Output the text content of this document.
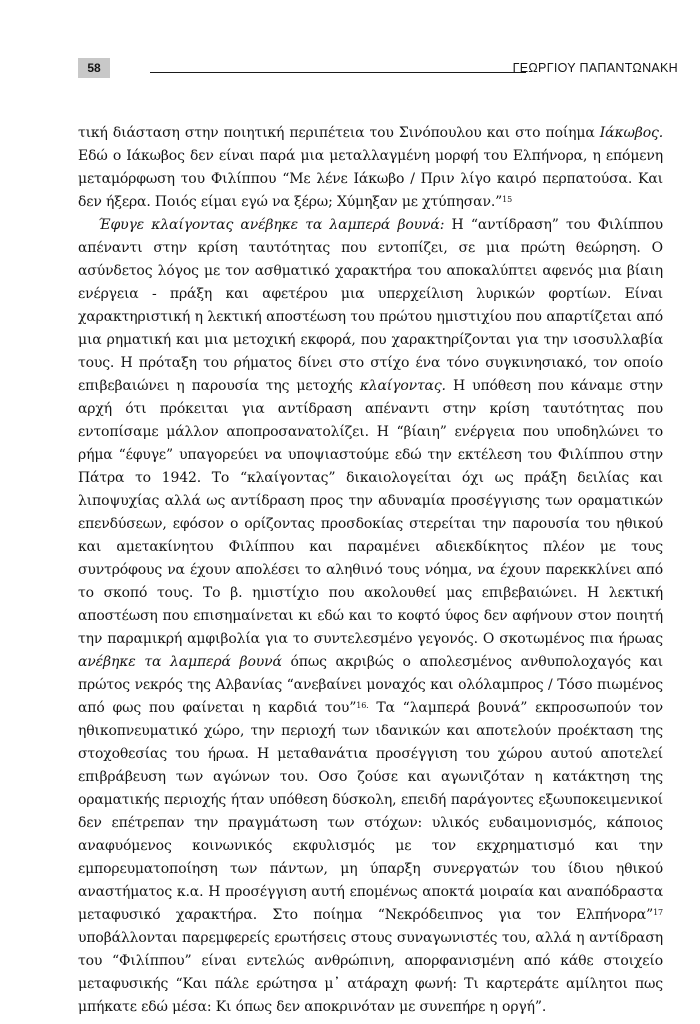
58	ΓΕΩΡΓΙΟΥ ΠΑΠΑΝΤΩΝΑΚΗ

τική διάσταση στην ποιητική περιπέτεια του Σινόπουλου και στο ποίημα Ιάκωβος. Εδώ ο Ιάκωβος δεν είναι παρά μια μεταλλαγμένη μορφή του Ελπήνορα, η επόμενη μεταμόρφωση του Φιλίππου “Με λένε Ιάκωβο / Πριν λίγο καιρό περπατούσα. Και δεν ήξερα. Ποιός είμαι εγώ να ξέρω; Χύμηξαν με χτύπησαν.”$^{15}$

Έφυγε κλαίγοντας ανέβηκε τα λαμπερά βουνά: Η “αντίδραση” του Φιλίππου απέναντι στην κρίση ταυτότητας που εντοπίζει, σε μια πρώτη θεώρηση. Ο ασύνδετος λόγος με τον ασθματικό χαρακτήρα του αποκαλύπτει αφενός μια βίαιη ενέργεια - πράξη και αφετέρου μια υπερχείλιση λυρικών φορτίων. Είναι χαρακτηριστική η λεκτική αποστέωση του πρώτου ημιστιχίου που απαρτίζεται από μια ρηματική και μια μετοχική εκφορά, που χαρακτηρίζονται για την ισοσυλλαβία τους. Η πρόταξη του ρήματος δίνει στο στίχο ένα τόνο συγκινησιακό, τον οποίο επιβεβαιώνει η παρουσία της μετοχής κλαίγοντας. Η υπόθεση που κάναμε στην αρχή ότι πρόκειται για αντίδραση απέναντι στην κρίση ταυτότητας που εντοπίσαμε μάλλον αποπροσανατολίζει. Η “βίαιη” ενέργεια που υποδηλώνει το ρήμα “έφυγε” υπαγορεύει να υποψιαστούμε εδώ την εκτέλεση του Φιλίππου στην Πάτρα το 1942. Το “κλαίγοντας” δικαιολογείται όχι ως πράξη δειλίας και λιποψυχίας αλλά ως αντίδραση προς την αδυναμία προσέγγισης των οραματικών επενδύσεων, εφόσον ο ορίζοντας προσδοκίας στερείται την παρουσία του ηθικού και αμετακίνητου Φιλίππου και παραμένει αδιεκδίκητος πλέον με τους συντρόφους να έχουν απολέσει το αληθινό τους νόημα, να έχουν παρεκκλίνει από το σκοπό τους. Το β. ημιστίχιο που ακολουθεί μας επιβεβαιώνει. Η λεκτική αποστέωση που επισημαίνεται κι εδώ και το κοφτό ύφος δεν αφήνουν στον ποιητή την παραμικρή αμφιβολία για το συντελεσμένο γεγονός. Ο σκοτωμένος πια ήρωας ανέβηκε τα λαμπερά βουνά όπως ακριβώς ο απολεσμένος ανθυπολοχαγός και πρώτος νεκρός της Αλβανίας “ανεβαίνει μοναχός και ολόλαμπρος / Τόσο πιωμένος από φως που φαίνεται η καρδιά του”$^{16.}$ Τα “λαμπερά βουνά” εκπροσωπούν τον ηθικοπνευματικό χώρο, την περιοχή των ιδανικών και αποτελούν προέκταση της στοχοθεσίας του ήρωα. Η μεταθανάτια προσέγγιση του χώρου αυτού αποτελεί επιβράβευση των αγώνων του. Οσο ζούσε και αγωνιζόταν η κατάκτηση της οραματικής περιοχής ήταν υπόθεση δύσκολη, επειδή παράγοντες εξωυποκειμενικοί δεν επέτρεπαν την πραγμάτωση των στόχων: υλικός ευδαιμονισμός, κάποιος αναφυόμενος κοινωνικός εκφυλισμός με τον εκχρηματισμό και την εμπορευματοποίηση των πάντων, μη ύπαρξη συνεργατών του ίδιου ηθικού αναστήματος κ.α. Η προσέγγιση αυτή επομένως αποκτά μοιραία και αναπόδραστα μεταφυσικό χαρακτήρα. Στο ποίημα “Νεκρόδειπνος για τον Ελπήνορα”$^{17}$ υποβάλλονται παρεμφερείς ερωτήσεις στους συναγωνιστές του, αλλά η αντίδραση του “Φιλίππου” είναι εντελώς ανθρώπινη, απορφανισμένη από κάθε στοιχείο μεταφυσικής “Και πάλε ερώτησα μ᾽ ατάραχη φωνή: Τι καρτεράτε αμίλητοι πως μπήκατε εδώ μέσα: Κι όπως δεν αποκρινόταν με συνεπήρε η οργή”.
